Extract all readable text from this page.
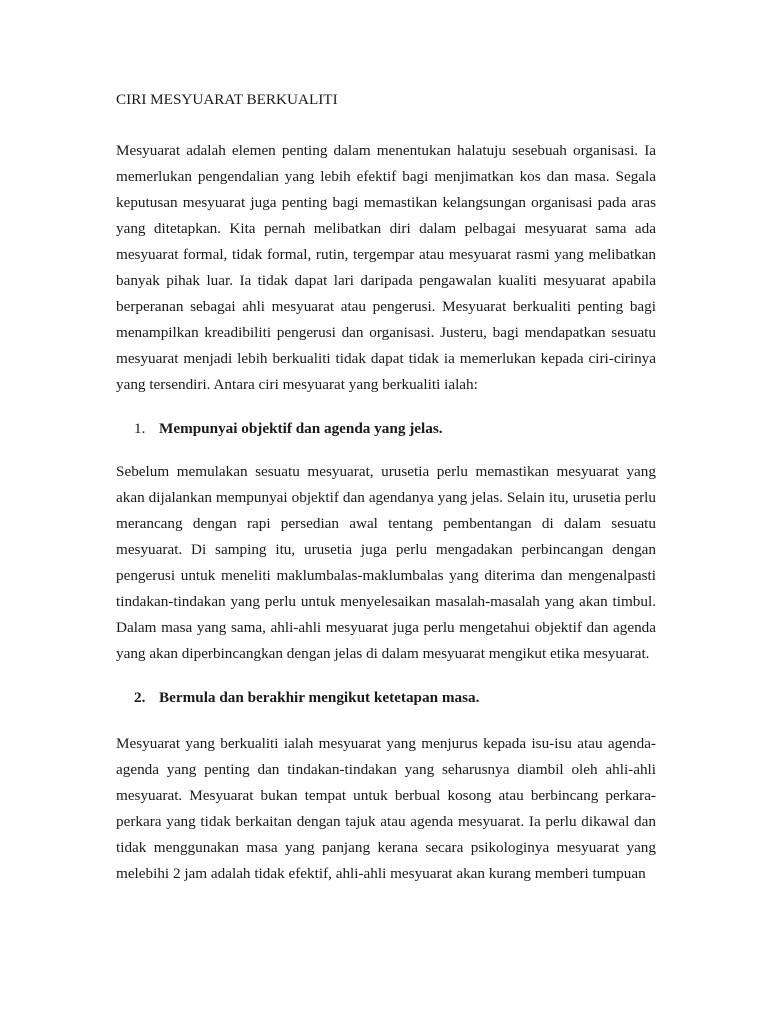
CIRI MESYUARAT BERKUALITI

Mesyuarat adalah elemen penting dalam menentukan halatuju sesebuah organisasi. Ia memerlukan pengendalian yang lebih efektif bagi menjimatkan kos dan masa. Segala keputusan mesyuarat juga penting bagi memastikan kelangsungan organisasi pada aras yang ditetapkan. Kita pernah melibatkan diri dalam pelbagai mesyuarat sama ada mesyuarat formal, tidak formal, rutin, tergempar atau mesyuarat rasmi yang melibatkan banyak pihak luar. Ia tidak dapat lari daripada pengawalan kualiti mesyuarat apabila berperanan sebagai ahli mesyuarat atau pengerusi. Mesyuarat berkualiti penting bagi menampilkan kreadibiliti pengerusi dan organisasi. Justeru, bagi mendapatkan sesuatu mesyuarat menjadi lebih berkualiti tidak dapat tidak ia memerlukan kepada ciri-cirinya yang tersendiri. Antara ciri mesyuarat yang berkualiti ialah:

1. Mempunyai objektif dan agenda yang jelas.

Sebelum memulakan sesuatu mesyuarat, urusetia perlu memastikan mesyuarat yang akan dijalankan mempunyai objektif dan agendanya yang jelas. Selain itu, urusetia perlu merancang dengan rapi persedian awal tentang pembentangan di dalam sesuatu mesyuarat. Di samping itu, urusetia juga perlu mengadakan perbincangan dengan pengerusi untuk meneliti maklumbalas-maklumbalas yang diterima dan mengenalpasti tindakan-tindakan yang perlu untuk menyelesaikan masalah-masalah yang akan timbul. Dalam masa yang sama, ahli-ahli mesyuarat juga perlu mengetahui objektif dan agenda yang akan diperbincangkan dengan jelas di dalam mesyuarat mengikut etika mesyuarat.

2. Bermula dan berakhir mengikut ketetapan masa.

Mesyuarat yang berkualiti ialah mesyuarat yang menjurus kepada isu-isu atau agenda-agenda yang penting dan tindakan-tindakan yang seharusnya diambil oleh ahli-ahli mesyuarat. Mesyuarat bukan tempat untuk berbual kosong atau berbincang perkara-perkara yang tidak berkaitan dengan tajuk atau agenda mesyuarat. Ia perlu dikawal dan tidak menggunakan masa yang panjang kerana secara psikologinya mesyuarat yang melebihi 2 jam adalah tidak efektif, ahli-ahli mesyuarat akan kurang memberi tumpuan
